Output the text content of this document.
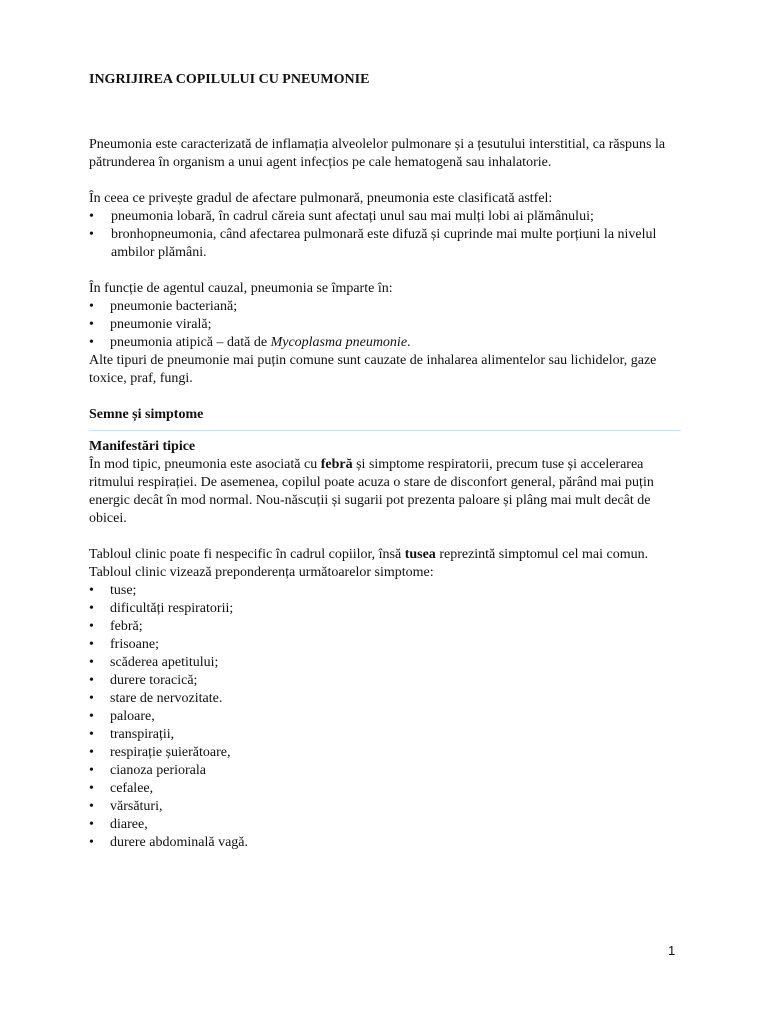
INGRIJIREA COPILULUI CU PNEUMONIE

Pneumonia este caracterizată de inflamația alveolelor pulmonare și a țesutului interstitial, ca răspuns la pătrunderea în organism a unui agent infecțios pe cale hematogenă sau inhalatorie.

În ceea ce privește gradul de afectare pulmonară, pneumonia este clasificată astfel:

• pneumonia lobară, în cadrul căreia sunt afectați unul sau mai mulți lobi ai plămânului;
• bronhopneumonia, când afectarea pulmonară este difuză și cuprinde mai multe porțiuni la nivelul ambilor plămâni.

În funcție de agentul cauzal, pneumonia se împarte în:

• pneumonie bacteriană;
• pneumonie virală;
• pneumonia atipică – dată de Mycoplasma pneumonie.

Alte tipuri de pneumonie mai puțin comune sunt cauzate de inhalarea alimentelor sau lichidelor, gaze toxice, praf, fungi.

Semne și simptome

Manifestări tipice

În mod tipic, pneumonia este asociată cu febră și simptome respiratorii, precum tuse și accelerarea ritmului respirației. De asemenea, copilul poate acuza o stare de disconfort general, părând mai puțin energic decât în mod normal. Nou-născuții și sugarii pot prezenta paloare și plâng mai mult decât de obicei.

Tabloul clinic poate fi nespecific în cadrul copiilor, însă tusea reprezintă simptomul cel mai comun.

Tabloul clinic vizează preponderența următoarelor simptome:

• tuse;
• dificultăți respiratorii;
• febră;
• frisoane;
• scăderea apetitului;
• durere toracică;
• stare de nervozitate.
• paloare,
• transpirații,
• respirație șuierătoare,
• cianoza periorala
• cefalee,
• vărsături,
• diaree,
• durere abdominală vagă.
1
